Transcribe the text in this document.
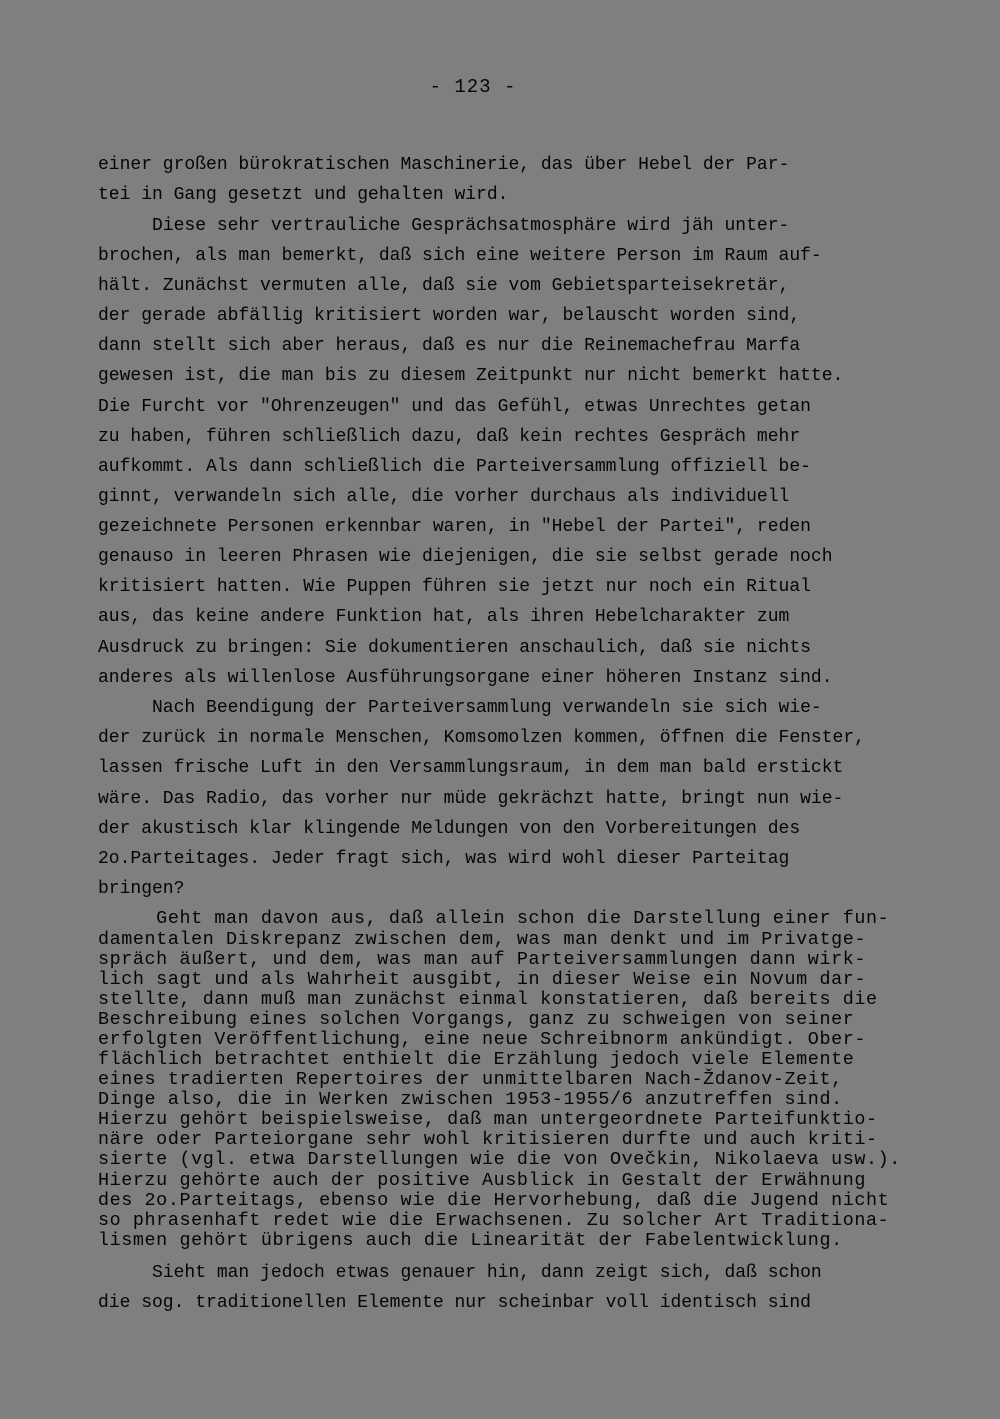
- 123 -
einer großen bürokratischen Maschinerie, das über Hebel der Par-
tei in Gang gesetzt und gehalten wird.
Diese sehr vertrauliche Gesprächsatmosphäre wird jäh unter-
brochen, als man bemerkt, daß sich eine weitere Person im Raum auf-
hält. Zunächst vermuten alle, daß sie vom Gebietsparteisekretär,
der gerade abfällig kritisiert worden war, belauscht worden sind,
dann stellt sich aber heraus, daß es nur die Reinemachefrau Marfa
gewesen ist, die man bis zu diesem Zeitpunkt nur nicht bemerkt hatte.
Die Furcht vor "Ohrenzeugen" und das Gefühl, etwas Unrechtes getan
zu haben, führen schließlich dazu, daß kein rechtes Gespräch mehr
aufkommt. Als dann schließlich die Parteiversammlung offiziell be-
ginnt, verwandeln sich alle, die vorher durchaus als individuell
gezeichnete Personen erkennbar waren, in "Hebel der Partei", reden
genauso in leeren Phrasen wie diejenigen, die sie selbst gerade noch
kritisiert hatten. Wie Puppen führen sie jetzt nur noch ein Ritual
aus, das keine andere Funktion hat, als ihren Hebelcharakter zum
Ausdruck zu bringen: Sie dokumentieren anschaulich, daß sie nichts
anderes als willenlose Ausführungsorgane einer höheren Instanz sind.
Nach Beendigung der Parteiversammlung verwandeln sie sich wie-
der zurück in normale Menschen, Komsomolzen kommen, öffnen die Fenster,
lassen frische Luft in den Versammlungsraum, in dem man bald erstickt
wäre. Das Radio, das vorher nur müde gekrächzt hatte, bringt nun wie-
der akustisch klar klingende Meldungen von den Vorbereitungen des
2o.Parteitages. Jeder fragt sich, was wird wohl dieser Parteitag
bringen?
Geht man davon aus, daß allein schon die Darstellung einer fun-
damentalen Diskrepanz zwischen dem, was man denkt und im Privatge-
spräch äußert, und dem, was man auf Parteiversammlungen dann wirk-
lich sagt und als Wahrheit ausgibt, in dieser Weise ein Novum dar-
stellte, dann muß man zunächst einmal konstatieren, daß bereits die
Beschreibung eines solchen Vorgangs, ganz zu schweigen von seiner
erfolgten Veröffentlichung, eine neue Schreibnorm ankündigt. Ober-
flächlich betrachtet enthielt die Erzählung jedoch viele Elemente
eines tradierten Repertoires der unmittelbaren Nach-Ždanov-Zeit,
Dinge also, die in Werken zwischen 1953-1955/6 anzutreffen sind.
Hierzu gehört beispielsweise, daß man untergeordnete Parteifunktio-
näre oder Parteiorgane sehr wohl kritisieren durfte und auch kriti-
sierte (vgl. etwa Darstellungen wie die von Ovečkin, Nikolaeva usw.).
Hierzu gehörte auch der positive Ausblick in Gestalt der Erwähnung
des 2o.Parteitags, ebenso wie die Hervorhebung, daß die Jugend nicht
so phrasenhaft redet wie die Erwachsenen. Zu solcher Art Traditiona-
lismen gehört übrigens auch die Linearität der Fabelentwicklung.
Sieht man jedoch etwas genauer hin, dann zeigt sich, daß schon
die sog. traditionellen Elemente nur scheinbar voll identisch sind
